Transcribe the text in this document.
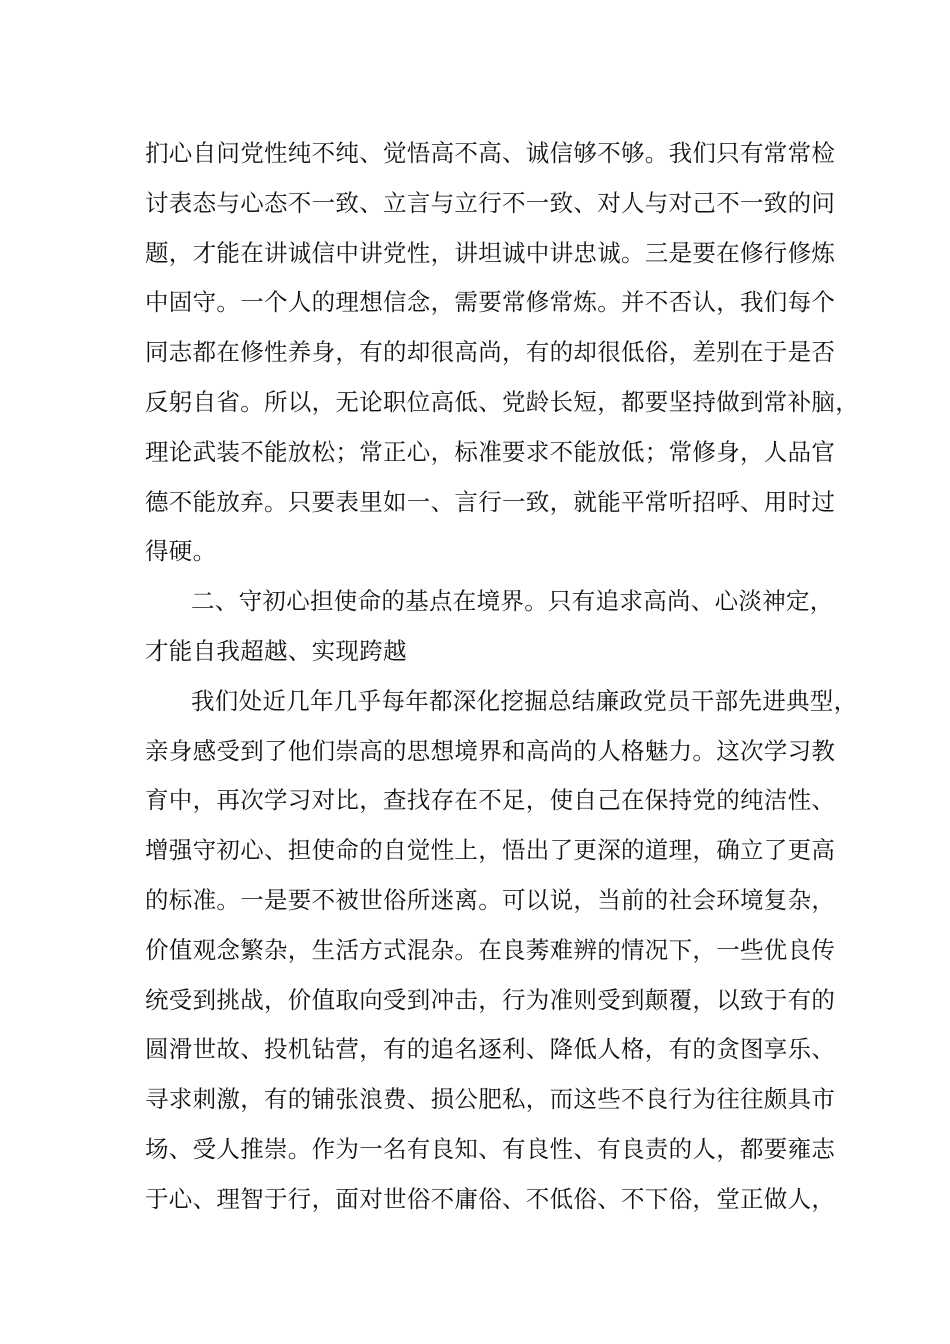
扪心自问党性纯不纯、觉悟高不高、诚信够不够。我们只有常常检
讨表态与心态不一致、立言与立行不一致、对人与对己不一致的问
题，才能在讲诚信中讲党性，讲坦诚中讲忠诚。三是要在修行修炼
中固守。一个人的理想信念，需要常修常炼。并不否认，我们每个
同志都在修性养身，有的却很高尚，有的却很低俗，差别在于是否
反躬自省。所以，无论职位高低、党龄长短，都要坚持做到常补脑，
理论武装不能放松；常正心，标准要求不能放低；常修身，人品官
德不能放弃。只要表里如一、言行一致，就能平常听招呼、用时过
得硬。
二、守初心担使命的基点在境界。只有追求高尚、心淡神定，
才能自我超越、实现跨越
我们处近几年几乎每年都深化挖掘总结廉政党员干部先进典型，
亲身感受到了他们崇高的思想境界和高尚的人格魅力。这次学习教
育中，再次学习对比，查找存在不足，使自己在保持党的纯洁性、
增强守初心、担使命的自觉性上，悟出了更深的道理，确立了更高
的标准。一是要不被世俗所迷离。可以说，当前的社会环境复杂，
价值观念繁杂，生活方式混杂。在良莠难辨的情况下，一些优良传
统受到挑战，价值取向受到冲击，行为准则受到颠覆，以致于有的
圆滑世故、投机钻营，有的追名逐利、降低人格，有的贪图享乐、
寻求刺激，有的铺张浪费、损公肥私，而这些不良行为往往颇具市
场、受人推崇。作为一名有良知、有良性、有良责的人，都要雍志
于心、理智于行，面对世俗不庸俗、不低俗、不下俗，堂正做人，
